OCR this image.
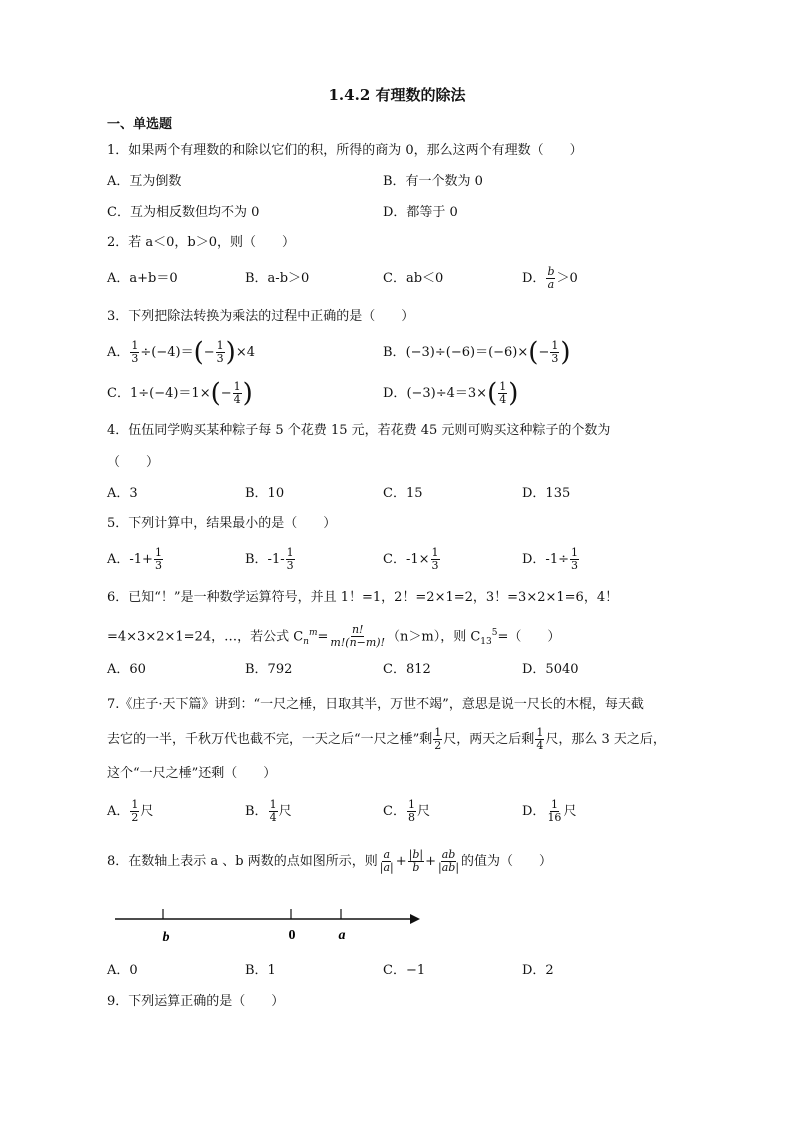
1.4.2 有理数的除法
一、单选题
1．如果两个有理数的和除以它们的积，所得的商为 0，那么这两个有理数（　　）
A．互为倒数	B．有一个数为 0
C．互为相反数但均不为 0	D．都等于 0
2．若 a＜0，b＞0，则（　　）
A．a+b＝0	B．a-b＞0	C．ab＜0	D． $\frac{b}{a} >0$
3．下列把除法转换为乘法的过程中正确的是（　　）
A． $\frac{1}{3} \div(-4)=(- \frac{1}{3} )\times 4$	B．$(-3)\div(-6)=(-6)\times(- \frac{1}{3}$ )
C．$1\div(-4)=1\times(- \frac{1}{4}$ )	D．$(-3)\div 4=3\times( \frac{1}{4}$ )
4．伍伍同学购买某种粽子每 5 个花费 15 元，若花费 45 元则可购买这种粽子的个数为
（　　）
A．3	B．10	C．15	D．135
5．下列计算中，结果最小的是（　　）
A．$-1+ \frac{1}{3}$	B．$-1- \frac{1}{3}$	C．$-1\times \frac{1}{3}$	D．$-1\div \frac{1}{3}$
6．已知“！”是一种数学运算符号，并且 1！=1，2！=2×1=2，3！=3×2×1=6，4！
=4×3×2×1=24，…，若公式 $C_n^m= \frac{n!}{m!(n-m)!} (n>m)$，则 $C_{13}^5=$（　　）
A．60	B．792	C．812	D．5040
7.《庄子·天下篇》讲到：“一尺之棰，日取其半，万世不竭”，意思是说一尺长的木棍，每天截
去它的一半，千秋万代也截不完，一天之后“一尺之棰”剩 $\frac{1}{2}$ 尺，两天之后剩 $\frac{1}{4}$ 尺，那么 3 天之后，
这个“一尺之棰”还剩（　　）
A． $\frac{1}{2}$ 尺	B． $\frac{1}{4}$ 尺	C． $\frac{1}{8}$ 尺	D． $\frac{1}{16}$ 尺
8．在数轴上表示 a 、b 两数的点如图所示，则 $\frac{a}{|a|} + \frac{|b|}{b} + \frac{ab}{|ab|}$ 的值为（　　）
b	0	a
A．0	B．1	C．−1	D．2
9．下列运算正确的是（　　）
